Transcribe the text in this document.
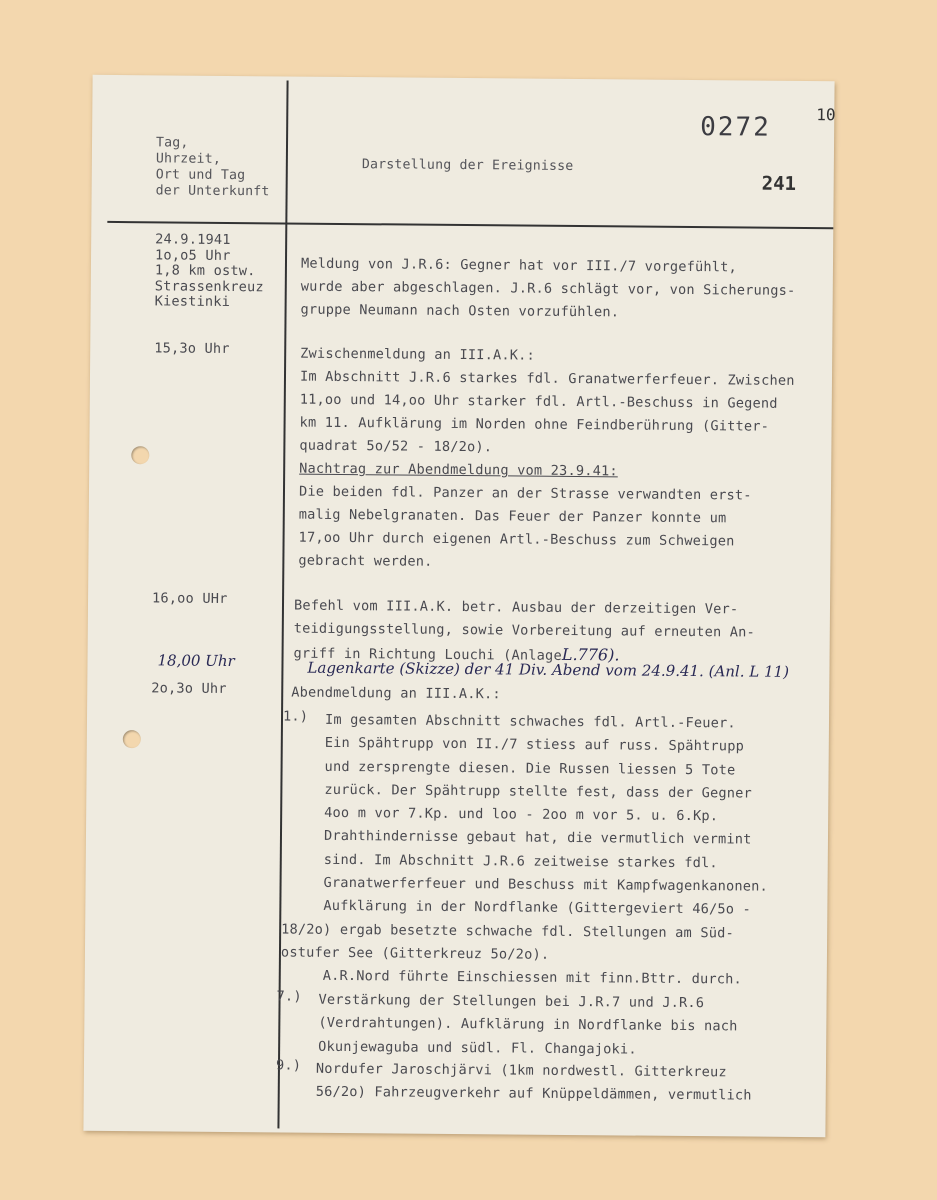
Tag,
Uhrzeit,
Ort und Tag
der Unterkunft
Darstellung der Ereignisse
0272
241
10
24.9.1941
1o,o5 Uhr
1,8 km ostw.
Strassenkreuz
Kiestinki
Meldung von J.R.6: Gegner hat vor III./7 vorgefühlt,
wurde aber abgeschlagen. J.R.6 schlägt vor, von Sicherungs-
gruppe Neumann nach Osten vorzufühlen.
15,3o Uhr	Zwischenmeldung an III.A.K.:
Im Abschnitt J.R.6 starkes fdl. Granatwerferfeuer. Zwischen
11,oo und 14,oo Uhr starker fdl. Artl.-Beschuss in Gegend
km 11. Aufklärung im Norden ohne Feindberührung (Gitter-
quadrat 5o/52 - 18/2o).
Nachtrag zur Abendmeldung vom 23.9.41:
Die beiden fdl. Panzer an der Strasse verwandten erst-
malig Nebelgranaten. Das Feuer der Panzer konnte um
17,oo Uhr durch eigenen Artl.-Beschuss zum Schweigen
gebracht werden.
16,oo UHr	Befehl vom III.A.K. betr. Ausbau der derzeitigen Ver-
teidigungsstellung, sowie Vorbereitung auf erneuten An-
griff in Richtung Louchi (AnlageL.776).
18,00 Uhr	Lagenkarte (Skizze) der 41 Div. Abend vom 24.9.41. (Anl. L 11)
2o,3o Uhr	Abendmeldung an III.A.K.:
1.) Im gesamten Abschnitt schwaches fdl. Artl.-Feuer.
Ein Spähtrupp von II./7 stiess auf russ. Spähtrupp
und zersprengte diesen. Die Russen liessen 5 Tote
zurück. Der Spähtrupp stellte fest, dass der Gegner
4oo m vor 7.Kp. und loo - 2oo m vor 5. u. 6.Kp.
Drahthindernisse gebaut hat, die vermutlich vermint
sind. Im Abschnitt J.R.6 zeitweise starkes fdl.
Granatwerferfeuer und Beschuss mit Kampfwagenkanonen.
Aufklärung in der Nordflanke (Gittergeviert 46/5o -
18/2o) ergab besetzte schwache fdl. Stellungen am Süd-
ostufer See (Gitterkreuz 5o/2o).
A.R.Nord führte Einschiessen mit finn.Bttr. durch.
7.) Verstärkung der Stellungen bei J.R.7 und J.R.6
(Verdrahtungen). Aufklärung in Nordflanke bis nach
Okunjewaguba und südl. Fl. Changajoki.
9.) Nordufer Jaroschjärvi (1km nordwestl. Gitterkreuz
56/2o) Fahrzeugverkehr auf Knüppeldämmen, vermutlich
